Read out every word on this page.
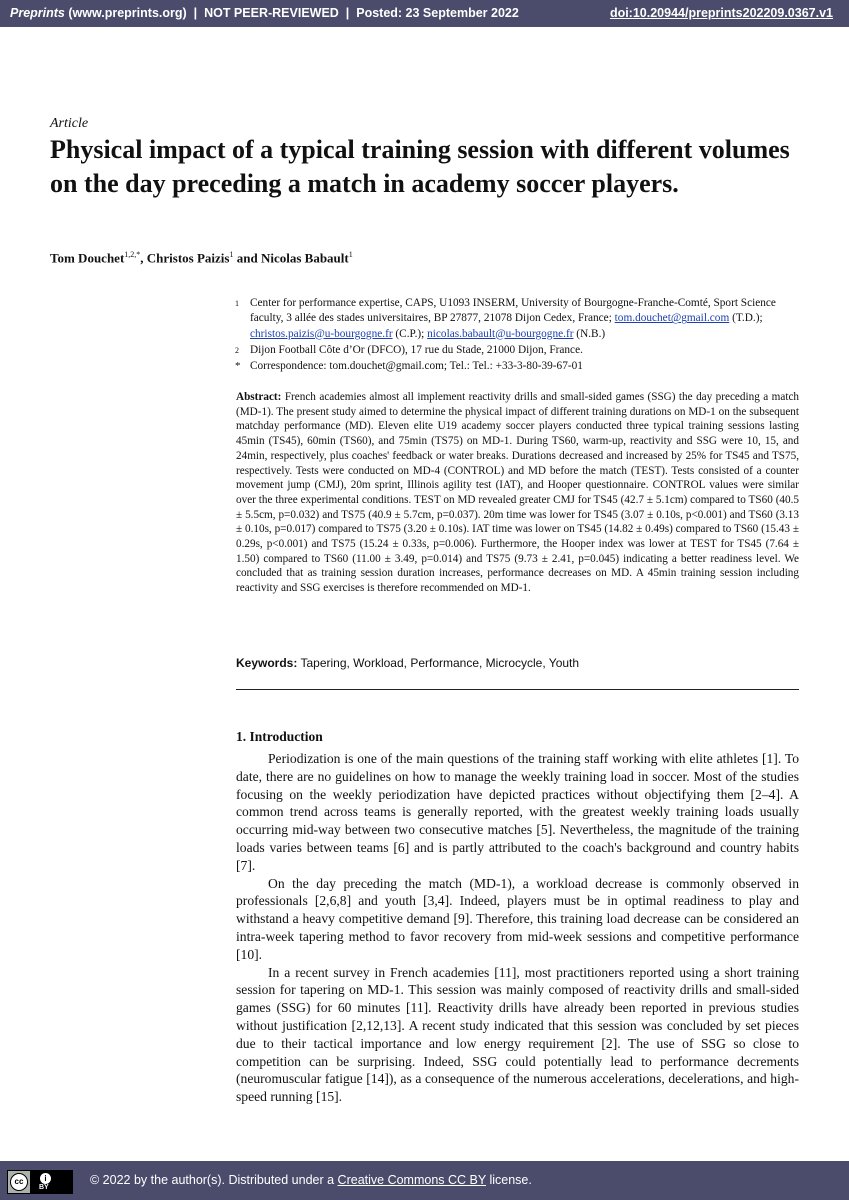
Preprints (www.preprints.org) | NOT PEER-REVIEWED | Posted: 23 September 2022	doi:10.20944/preprints202209.0367.v1
Article
Physical impact of a typical training session with different volumes on the day preceding a match in academy soccer players.
Tom Douchet$^{1,2,*}$, Christos Paizis$^1$ and Nicolas Babault$^1$
1 Center for performance expertise, CAPS, U1093 INSERM, University of Bourgogne-Franche-Comté, Sport Science faculty, 3 allée des stades universitaires, BP 27877, 21078 Dijon Cedex, France; tom.douchet@gmail.com (T.D.); christos.paizis@u-bourgogne.fr (C.P.); nicolas.babault@u-bourgogne.fr (N.B.)
2 Dijon Football Côte d’Or (DFCO), 17 rue du Stade, 21000 Dijon, France.
* Correspondence: tom.douchet@gmail.com; Tel.: Tel.: +33-3-80-39-67-01
Abstract: French academies almost all implement reactivity drills and small-sided games (SSG) the day preceding a match (MD-1). The present study aimed to determine the physical impact of different training durations on MD-1 on the subsequent matchday performance (MD). Eleven elite U19 academy soccer players conducted three typical training sessions lasting 45min (TS45), 60min (TS60), and 75min (TS75) on MD-1. During TS60, warm-up, reactivity and SSG were 10, 15, and 24min, respectively, plus coaches' feedback or water breaks. Durations decreased and increased by 25% for TS45 and TS75, respectively. Tests were conducted on MD-4 (CONTROL) and MD before the match (TEST). Tests consisted of a counter movement jump (CMJ), 20m sprint, Illinois agility test (IAT), and Hooper questionnaire. CONTROL values were similar over the three experimental conditions. TEST on MD revealed greater CMJ for TS45 (42.7 ± 5.1cm) compared to TS60 (40.5 ± 5.5cm, p=0.032) and TS75 (40.9 ± 5.7cm, p=0.037). 20m time was lower for TS45 (3.07 ± 0.10s, p<0.001) and TS60 (3.13 ± 0.10s, p=0.017) compared to TS75 (3.20 ± 0.10s). IAT time was lower on TS45 (14.82 ± 0.49s) compared to TS60 (15.43 ± 0.29s, p<0.001) and TS75 (15.24 ± 0.33s, p=0.006). Furthermore, the Hooper index was lower at TEST for TS45 (7.64 ± 1.50) compared to TS60 (11.00 ± 3.49, p=0.014) and TS75 (9.73 ± 2.41, p=0.045) indicating a better readiness level. We concluded that as training session duration increases, performance decreases on MD. A 45min training session including reactivity and SSG exercises is therefore recommended on MD-1.
Keywords: Tapering, Workload, Performance, Microcycle, Youth
1. Introduction

Periodization is one of the main questions of the training staff working with elite athletes [1]. To date, there are no guidelines on how to manage the weekly training load in soccer. Most of the studies focusing on the weekly periodization have depicted practices without objectifying them [2–4]. A common trend across teams is generally reported, with the greatest weekly training loads usually occurring mid-way between two consecutive matches [5]. Nevertheless, the magnitude of the training loads varies between teams [6] and is partly attributed to the coach's background and country habits [7].

On the day preceding the match (MD-1), a workload decrease is commonly observed in professionals [2,6,8] and youth [3,4]. Indeed, players must be in optimal readiness to play and withstand a heavy competitive demand [9]. Therefore, this training load decrease can be considered an intra-week tapering method to favor recovery from mid-week sessions and competitive performance [10].

In a recent survey in French academies [11], most practitioners reported using a short training session for tapering on MD-1. This session was mainly composed of reactivity drills and small-sided games (SSG) for 60 minutes [11]. Reactivity drills have already been reported in previous studies without justification [2,12,13]. A recent study indicated that this session was concluded by set pieces due to their tactical importance and low energy requirement [2]. The use of SSG so close to competition can be surprising. Indeed, SSG could potentially lead to performance decrements (neuromuscular fatigue [14]), as a consequence of the numerous accelerations, decelerations, and high-speed running [15].

cc	i
BY
© 2022 by the author(s). Distributed under a Creative Commons CC BY license.
